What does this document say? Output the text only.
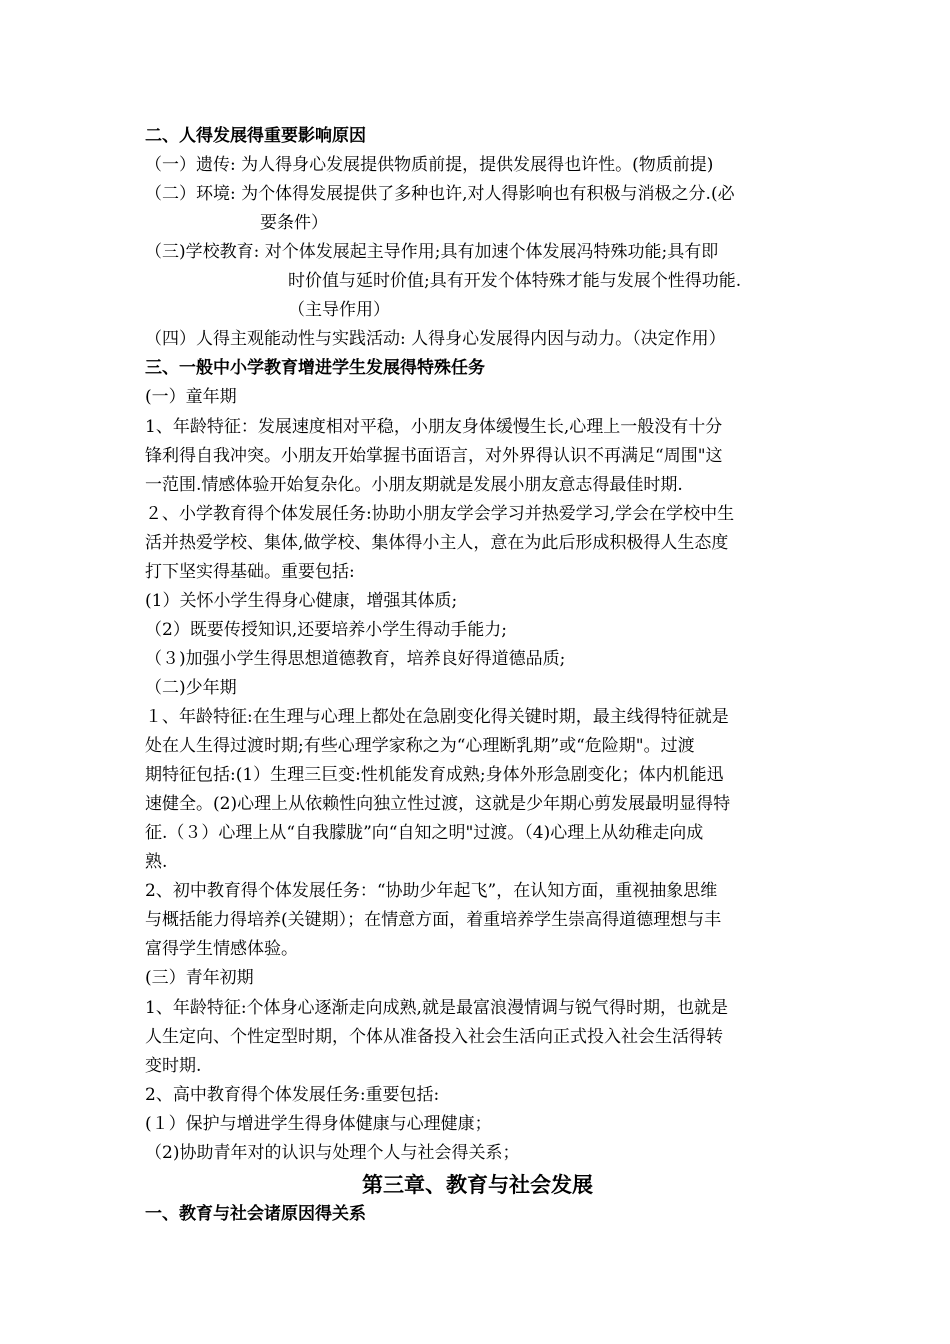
二、人得发展得重要影响原因
（一）遗传: 为人得身心发展提供物质前提，提供发展得也许性。(物质前提)
（二）环境: 为个体得发展提供了多种也许,对人得影响也有积极与消极之分.(必
要条件）
（三)学校教育: 对个体发展起主导作用;具有加速个体发展冯特殊功能;具有即
时价值与延时价值;具有开发个体特殊才能与发展个性得功能.
（主导作用）
（四）人得主观能动性与实践活动: 人得身心发展得内因与动力。（决定作用）
三、一般中小学教育增进学生发展得特殊任务
(一）童年期
1、年龄特征：发展速度相对平稳，小朋友身体缓慢生长,心理上一般没有十分
锋利得自我冲突。小朋友开始掌握书面语言，对外界得认识不再满足“周围"这
一范围.情感体验开始复杂化。小朋友期就是发展小朋友意志得最佳时期.
２、小学教育得个体发展任务:协助小朋友学会学习并热爱学习,学会在学校中生
活并热爱学校、集体,做学校、集体得小主人，意在为此后形成积极得人生态度
打下坚实得基础。重要包括:
(1）关怀小学生得身心健康，增强其体质;
（2）既要传授知识,还要培养小学生得动手能力;
（３)加强小学生得思想道德教育，培养良好得道德品质;
（二)少年期
１、年龄特征:在生理与心理上都处在急剧变化得关键时期，最主线得特征就是
处在人生得过渡时期;有些心理学家称之为“心理断乳期”或“危险期"。过渡
期特征包括:(1）生理三巨变:性机能发育成熟;身体外形急剧变化；体内机能迅
速健全。(2)心理上从依赖性向独立性过渡，这就是少年期心剪发展最明显得特
征.（３）心理上从“自我朦胧”向“自知之明"过渡。（4)心理上从幼稚走向成
熟.
2、初中教育得个体发展任务：“协助少年起飞”，在认知方面，重视抽象思维
与概括能力得培养(关键期）；在情意方面，着重培养学生崇高得道德理想与丰
富得学生情感体验。
(三）青年初期
1、年龄特征:个体身心逐渐走向成熟,就是最富浪漫情调与锐气得时期，也就是
人生定向、个性定型时期，个体从准备投入社会生活向正式投入社会生活得转
变时期.
2、高中教育得个体发展任务:重要包括:
(１）保护与增进学生得身体健康与心理健康；
（2)协助青年对的认识与处理个人与社会得关系；
第三章、教育与社会发展
一、教育与社会诸原因得关系
